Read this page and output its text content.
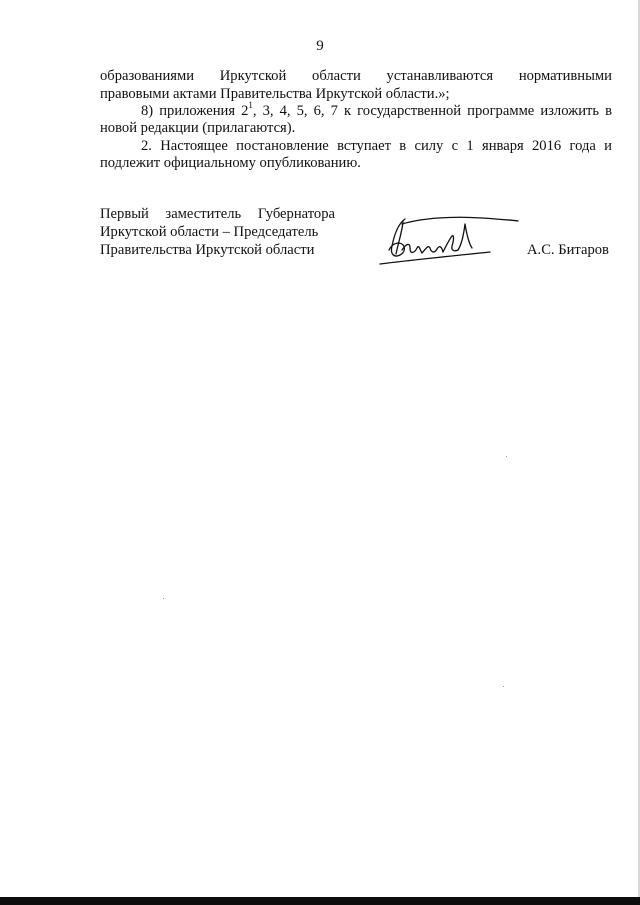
9
образованиями Иркутской области устанавливаются нормативными
правовыми актами Правительства Иркутской области.»;
8) приложения $2^1$, 3, 4, 5, 6, 7 к государственной программе изложить в
новой редакции (прилагаются).
2. Настоящее постановление вступает в силу с 1 января 2016 года и
подлежит официальному опубликованию.
Первый заместитель Губернатора
Иркутской области – Председатель
Правительства Иркутской области	А.С. Битаров
